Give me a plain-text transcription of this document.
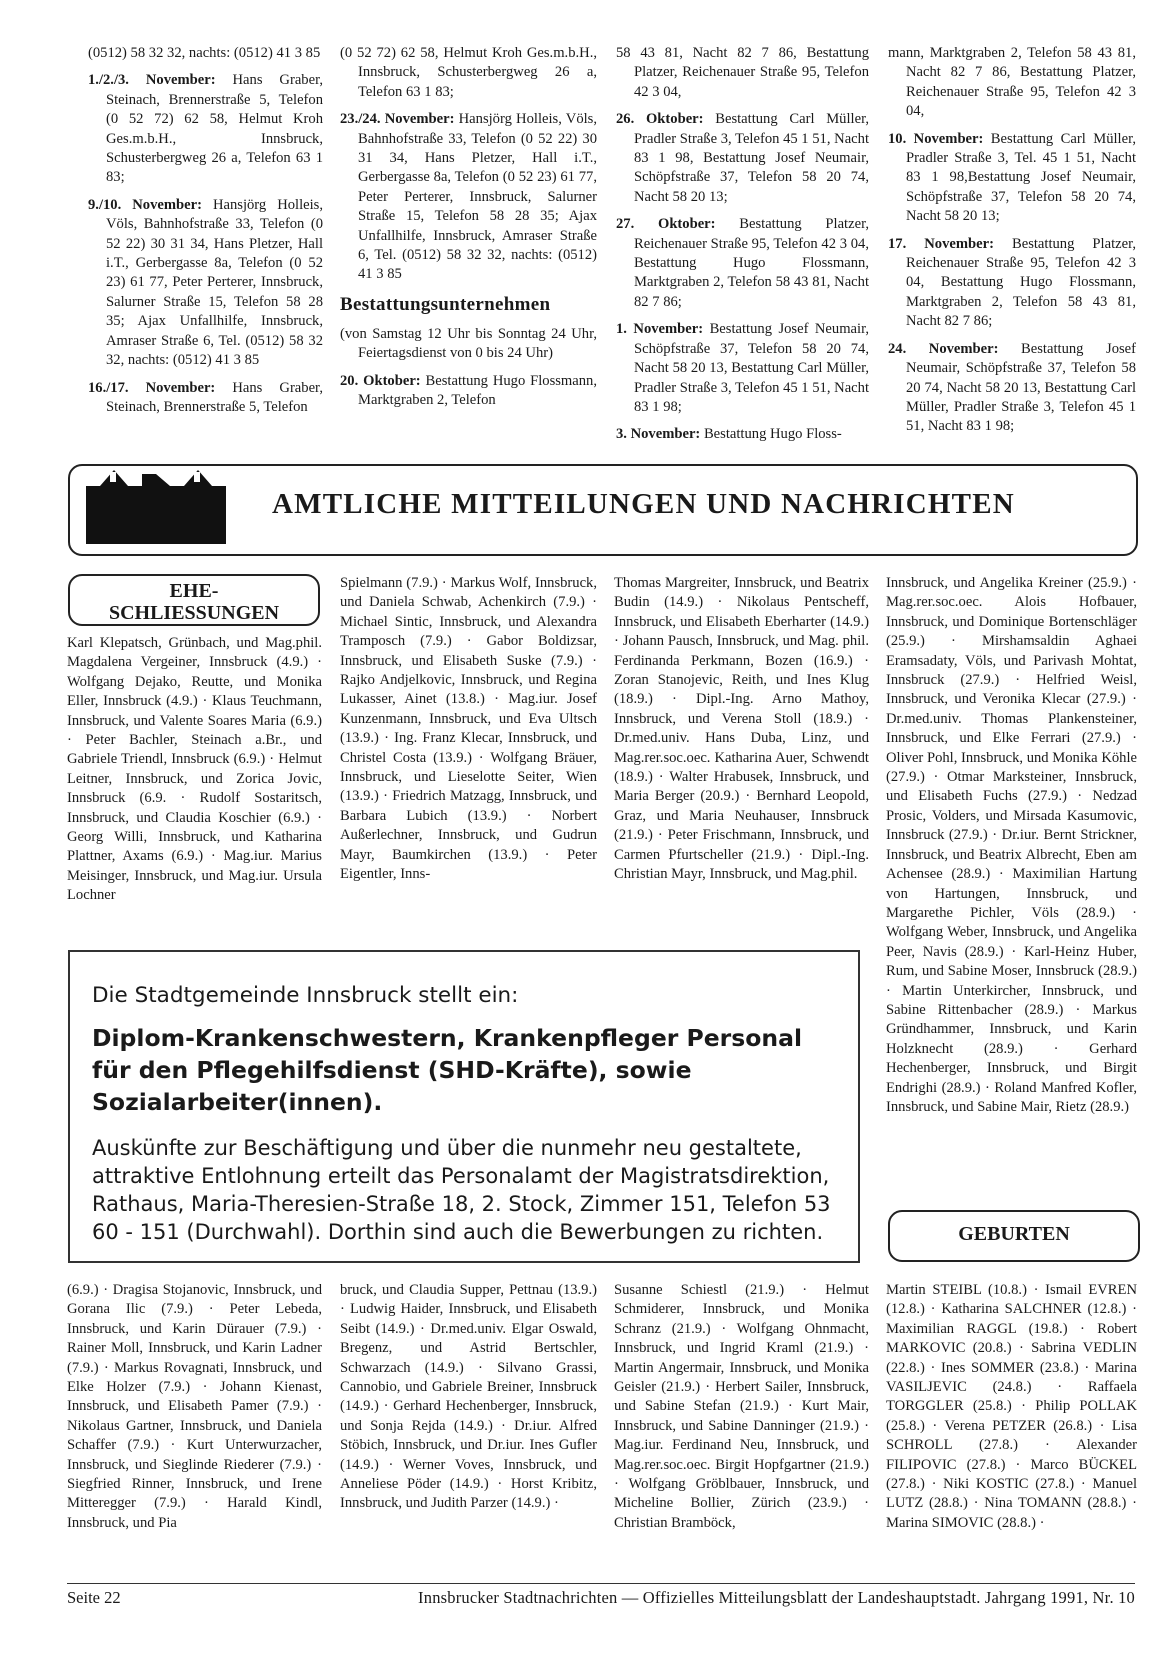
(0512) 58 32 32, nachts: (0512) 41 3 85

1./2./3. November: Hans Graber, Steinach, Brennerstraße 5, Telefon (0 52 72) 62 58, Helmut Kroh Ges.m.b.H., Innsbruck, Schusterbergweg 26 a, Telefon 63 1 83;

9./10. November: Hansjörg Holleis, Völs, Bahnhofstraße 33, Telefon (0 52 22) 30 31 34, Hans Pletzer, Hall i.T., Gerbergasse 8a, Telefon (0 52 23) 61 77, Peter Perterer, Innsbruck, Salurner Straße 15, Telefon 58 28 35; Ajax Unfallhilfe, Innsbruck, Amraser Straße 6, Tel. (0512) 58 32 32, nachts: (0512) 41 3 85

16./17. November: Hans Graber, Steinach, Brennerstraße 5, Telefon

(0 52 72) 62 58, Helmut Kroh Ges.m.b.H., Innsbruck, Schusterbergweg 26 a, Telefon 63 1 83;

23./24. November: Hansjörg Holleis, Völs, Bahnhofstraße 33, Telefon (0 52 22) 30 31 34, Hans Pletzer, Hall i.T., Gerbergasse 8a, Telefon (0 52 23) 61 77, Peter Perterer, Innsbruck, Salurner Straße 15, Telefon 58 28 35; Ajax Unfallhilfe, Innsbruck, Amraser Straße 6, Tel. (0512) 58 32 32, nachts: (0512) 41 3 85

Bestattungsunternehmen

(von Samstag 12 Uhr bis Sonntag 24 Uhr, Feiertagsdienst von 0 bis 24 Uhr)

20. Oktober: Bestattung Hugo Flossmann, Marktgraben 2, Telefon

58 43 81, Nacht 82 7 86, Bestattung Platzer, Reichenauer Straße 95, Telefon 42 3 04,

26. Oktober: Bestattung Carl Müller, Pradler Straße 3, Telefon 45 1 51, Nacht 83 1 98, Bestattung Josef Neumair, Schöpfstraße 37, Telefon 58 20 74, Nacht 58 20 13;

27. Oktober: Bestattung Platzer, Reichenauer Straße 95, Telefon 42 3 04, Bestattung Hugo Flossmann, Marktgraben 2, Telefon 58 43 81, Nacht 82 7 86;

1. November: Bestattung Josef Neumair, Schöpfstraße 37, Telefon 58 20 74, Nacht 58 20 13, Bestattung Carl Müller, Pradler Straße 3, Telefon 45 1 51, Nacht 83 1 98;

3. November: Bestattung Hugo Floss-

mann, Marktgraben 2, Telefon 58 43 81, Nacht 82 7 86, Bestattung Platzer, Reichenauer Straße 95, Telefon 42 3 04,

10. November: Bestattung Carl Müller, Pradler Straße 3, Tel. 45 1 51, Nacht 83 1 98,Bestattung Josef Neumair, Schöpfstraße 37, Telefon 58 20 74, Nacht 58 20 13;

17. November: Bestattung Platzer, Reichenauer Straße 95, Telefon 42 3 04, Bestattung Hugo Flossmann, Marktgraben 2, Telefon 58 43 81, Nacht 82 7 86;

24. November: Bestattung Josef Neumair, Schöpfstraße 37, Telefon 58 20 74, Nacht 58 20 13, Bestattung Carl Müller, Pradler Straße 3, Telefon 45 1 51, Nacht 83 1 98;

AMTLICHE MITTEILUNGEN UND NACHRICHTEN
EHE-
SCHLIESSUNGEN

Karl Klepatsch, Grünbach, und Mag.phil. Magdalena Vergeiner, Innsbruck (4.9.) · Wolfgang Dejako, Reutte, und Monika Eller, Innsbruck (4.9.) · Klaus Teuchmann, Innsbruck, und Valente Soares Maria (6.9.) · Peter Bachler, Steinach a.Br., und Gabriele Triendl, Innsbruck (6.9.) · Helmut Leitner, Innsbruck, und Zorica Jovic, Innsbruck (6.9. · Rudolf Sostaritsch, Innsbruck, und Claudia Koschier (6.9.) · Georg Willi, Innsbruck, und Katharina Plattner, Axams (6.9.) · Mag.iur. Marius Meisinger, Innsbruck, und Mag.iur. Ursula Lochner

Spielmann (7.9.) · Markus Wolf, Innsbruck, und Daniela Schwab, Achenkirch (7.9.) · Michael Sintic, Innsbruck, und Alexandra Tramposch (7.9.) · Gabor Boldizsar, Innsbruck, und Elisabeth Suske (7.9.) · Rajko Andjelkovic, Innsbruck, und Regina Lukasser, Ainet (13.8.) · Mag.iur. Josef Kunzenmann, Innsbruck, und Eva Ultsch (13.9.) · Ing. Franz Klecar, Innsbruck, und Christel Costa (13.9.) · Wolfgang Bräuer, Innsbruck, und Lieselotte Seiter, Wien (13.9.) · Friedrich Matzagg, Innsbruck, und Barbara Lubich (13.9.) · Norbert Außerlechner, Innsbruck, und Gudrun Mayr, Baumkirchen (13.9.) · Peter Eigentler, Inns-

Thomas Margreiter, Innsbruck, und Beatrix Budin (14.9.) · Nikolaus Pentscheff, Innsbruck, und Elisabeth Eberharter (14.9.) · Johann Pausch, Innsbruck, und Mag. phil. Ferdinanda Perkmann, Bozen (16.9.) · Zoran Stanojevic, Reith, und Ines Klug (18.9.) · Dipl.-Ing. Arno Mathoy, Innsbruck, und Verena Stoll (18.9.) · Dr.med.univ. Hans Duba, Linz, und Mag.rer.soc.oec. Katharina Auer, Schwendt (18.9.) · Walter Hrabusek, Innsbruck, und Maria Berger (20.9.) · Bernhard Leopold, Graz, und Maria Neuhauser, Innsbruck (21.9.) · Peter Frischmann, Innsbruck, und Carmen Pfurtscheller (21.9.) · Dipl.-Ing. Christian Mayr, Innsbruck, und Mag.phil.

Innsbruck, und Angelika Kreiner (25.9.) · Mag.rer.soc.oec. Alois Hofbauer, Innsbruck, und Dominique Bortenschläger (25.9.) · Mirshamsaldin Aghaei Eramsadaty, Völs, und Parivash Mohtat, Innsbruck (27.9.) · Helfried Weisl, Innsbruck, und Veronika Klecar (27.9.) · Dr.med.univ. Thomas Plankensteiner, Innsbruck, und Elke Ferrari (27.9.) · Oliver Pohl, Innsbruck, und Monika Köhle (27.9.) · Otmar Marksteiner, Innsbruck, und Elisabeth Fuchs (27.9.) · Nedzad Prosic, Volders, und Mirsada Kasumovic, Innsbruck (27.9.) · Dr.iur. Bernt Strickner, Innsbruck, und Beatrix Albrecht, Eben am Achensee (28.9.) · Maximilian Hartung von Hartungen, Innsbruck, und Margarethe Pichler, Völs (28.9.) · Wolfgang Weber, Innsbruck, und Angelika Peer, Navis (28.9.) · Karl-Heinz Huber, Rum, und Sabine Moser, Innsbruck (28.9.) · Martin Unterkircher, Innsbruck, und Sabine Rittenbacher (28.9.) · Markus Gründhammer, Innsbruck, und Karin Holzknecht (28.9.) · Gerhard Hechenberger, Innsbruck, und Birgit Endrighi (28.9.) · Roland Manfred Kofler, Innsbruck, und Sabine Mair, Rietz (28.9.)

Die Stadtgemeinde Innsbruck stellt ein:

Diplom-Krankenschwestern, Krankenpfleger Personal für den Pflegehilfsdienst (SHD-Kräfte), sowie Sozialarbeiter(innen).

Auskünfte zur Beschäftigung und über die nunmehr neu gestaltete, attraktive Entlohnung erteilt das Personalamt der Magistratsdirektion, Rathaus, Maria-Theresien-Straße 18, 2. Stock, Zimmer 151, Telefon 53 60 - 151 (Durchwahl). Dorthin sind auch die Bewerbungen zu richten.	GEBURTEN

(6.9.) · Dragisa Stojanovic, Innsbruck, und Gorana Ilic (7.9.) · Peter Lebeda, Innsbruck, und Karin Dürauer (7.9.) · Rainer Moll, Innsbruck, und Karin Ladner (7.9.) · Markus Rovagnati, Innsbruck, und Elke Holzer (7.9.) · Johann Kienast, Innsbruck, und Elisabeth Pamer (7.9.) · Nikolaus Gartner, Innsbruck, und Daniela Schaffer (7.9.) · Kurt Unterwurzacher, Innsbruck, und Sieglinde Riederer (7.9.) · Siegfried Rinner, Innsbruck, und Irene Mitteregger (7.9.) · Harald Kindl, Innsbruck, und Pia

bruck, und Claudia Supper, Pettnau (13.9.) · Ludwig Haider, Innsbruck, und Elisabeth Seibt (14.9.) · Dr.med.univ. Elgar Oswald, Bregenz, und Astrid Bertschler, Schwarzach (14.9.) · Silvano Grassi, Cannobio, und Gabriele Breiner, Innsbruck (14.9.) · Gerhard Hechenberger, Innsbruck, und Sonja Rejda (14.9.) · Dr.iur. Alfred Stöbich, Innsbruck, und Dr.iur. Ines Gufler (14.9.) · Werner Voves, Innsbruck, und Anneliese Pöder (14.9.) · Horst Kribitz, Innsbruck, und Judith Parzer (14.9.) ·

Susanne Schiestl (21.9.) · Helmut Schmiderer, Innsbruck, und Monika Schranz (21.9.) · Wolfgang Ohnmacht, Innsbruck, und Ingrid Kraml (21.9.) · Martin Angermair, Innsbruck, und Monika Geisler (21.9.) · Herbert Sailer, Innsbruck, und Sabine Stefan (21.9.) · Kurt Mair, Innsbruck, und Sabine Danninger (21.9.) · Mag.iur. Ferdinand Neu, Innsbruck, und Mag.rer.soc.oec. Birgit Hopfgartner (21.9.) · Wolfgang Gröblbauer, Innsbruck, und Micheline Bollier, Zürich (23.9.) · Christian Bramböck,

Martin STEIBL (10.8.) · Ismail EVREN (12.8.) · Katharina SALCHNER (12.8.) · Maximilian RAGGL (19.8.) · Robert MARKOVIC (20.8.) · Sabrina VEDLIN (22.8.) · Ines SOMMER (23.8.) · Marina VASILJEVIC (24.8.) · Raffaela TORGGLER (25.8.) · Philip POLLAK (25.8.) · Verena PETZER (26.8.) · Lisa SCHROLL (27.8.) · Alexander FILIPOVIC (27.8.) · Marco BÜCKEL (27.8.) · Niki KOSTIC (27.8.) · Manuel LUTZ (28.8.) · Nina TOMANN (28.8.) · Marina SIMOVIC (28.8.) ·

Seite 22	Innsbrucker Stadtnachrichten — Offizielles Mitteilungsblatt der Landeshauptstadt. Jahrgang 1991, Nr. 10
